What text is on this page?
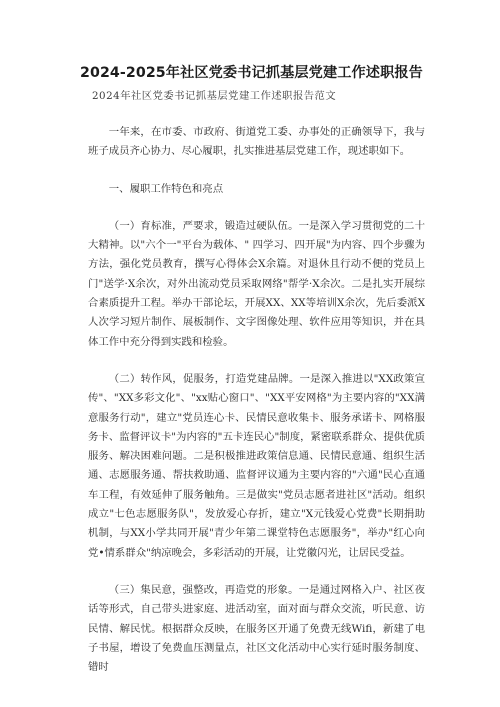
2024-2025年社区党委书记抓基层党建工作述职报告
2024年社区党委书记抓基层党建工作述职报告范文

一年来，在市委、市政府、街道党工委、办事处的正确领导下，我与班子成员齐心协力、尽心履职，扎实推进基层党建工作，现述职如下。

一、履职工作特色和亮点

（一）育标准，严要求，锻造过硬队伍。一是深入学习贯彻党的二十大精神。以"六个一"平台为载体、" 四学习、四开展"为内容、四个步骤为方法，强化党员教育，撰写心得体会X余篇。对退休且行动不便的党员上门"送学·X余次，对外出流动党员采取网络"帮学·X余次。二是扎实开展综合素质提升工程。举办干部论坛，开展XX、XX等培训X余次，先后委派X人次学习短片制作、展板制作、文字图像处理、软件应用等知识，并在具体工作中充分得到实践和检验。

（二）转作风，促服务，打造党建品牌。一是深入推进以"XX政策宣传"、"XX多彩文化"、"xx贴心窗口"、"XX平安网格"为主要内容的"XX满意服务行动"，建立"党员连心卡、民情民意收集卡、服务承诺卡、网格服务卡、监督评议卡"为内容的"五卡连民心"制度，紧密联系群众、提供优质服务、解决困难问题。二是积极推进政策信息通、民情民意通、组织生活通、志愿服务通、帮扶救助通、监督评议通为主要内容的"六通"民心直通车工程，有效延伸了服务触角。三是做实"党员志愿者进社区"活动。组织成立"七色志愿服务队"，发放爱心存折，建立"X元钱爱心党费"长期捐助机制，与XX小学共同开展"青少年第二课堂特色志愿服务"，举办"红心向党•情系群众"纳凉晚会，多彩活动的开展，让党徽闪光，让居民受益。

（三）集民意，强整改，再造党的形象。一是通过网格入户、社区夜话等形式，自己带头进家庭、进活动室，面对面与群众交流，听民意、访民情、解民忧。根据群众反映，在服务区开通了免费无线Wifi，新建了电子书屋，增设了免费血压测量点，社区文化活动中心实行延时服务制度、错时
